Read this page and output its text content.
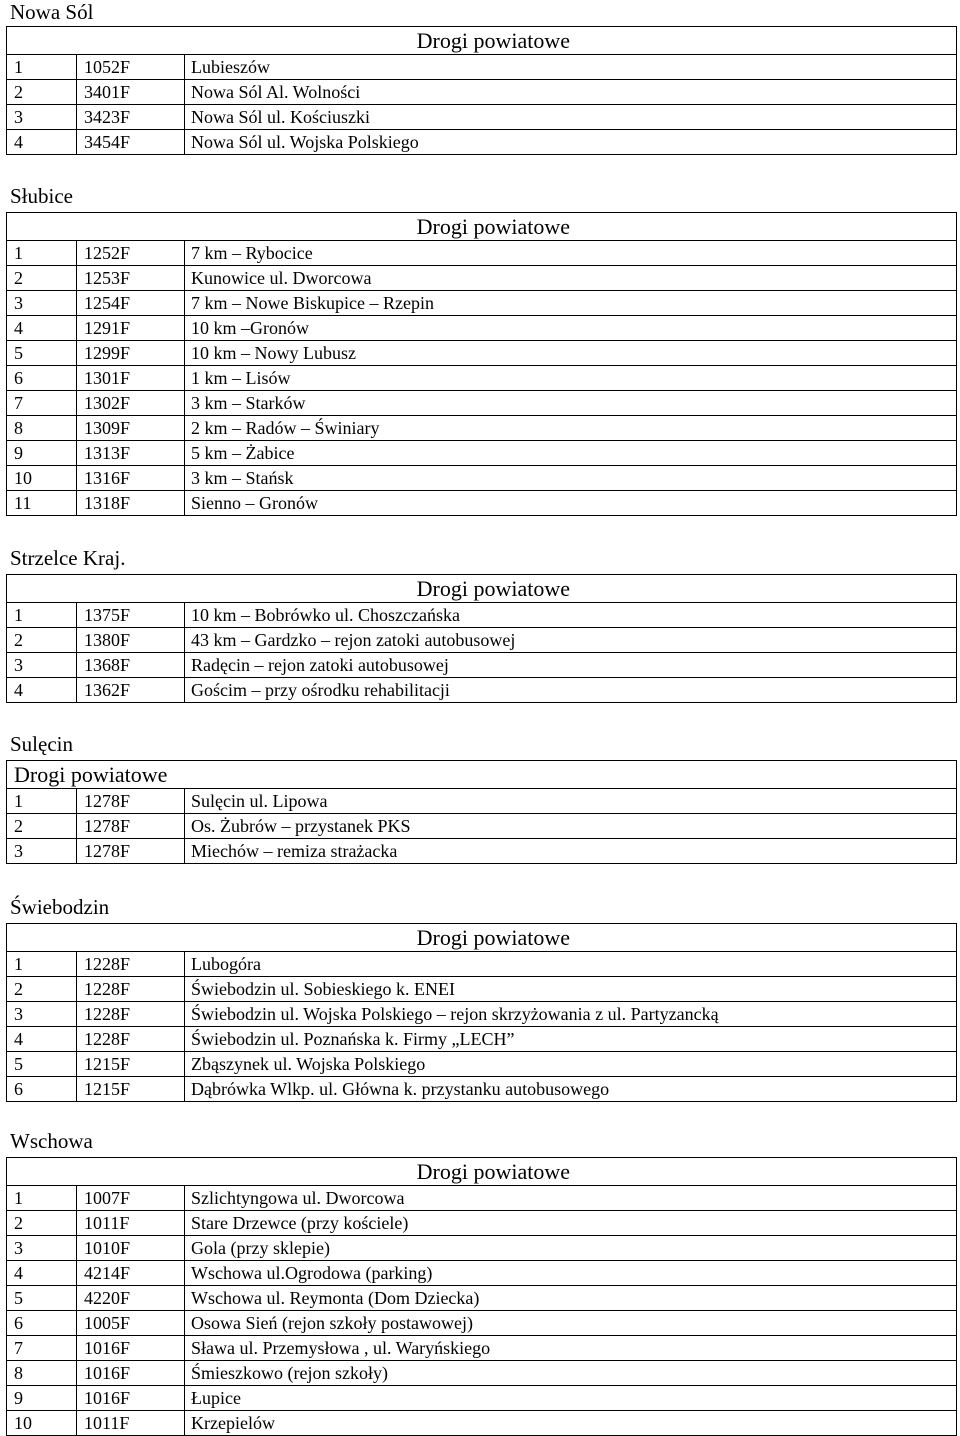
Nowa Sól
Drogi powiatowe		
1	1052F	Lubieszów
2	3401F	Nowa Sól Al. Wolności
3	3423F	Nowa Sól ul. Kościuszki
4	3454F	Nowa Sól ul. Wojska Polskiego
Słubice
Drogi powiatowe		
1	1252F	7 km – Rybocice
2	1253F	Kunowice ul. Dworcowa
3	1254F	7 km – Nowe Biskupice – Rzepin
4	1291F	10 km –Gronów
5	1299F	10 km – Nowy Lubusz
6	1301F	1 km – Lisów
7	1302F	3 km – Starków
8	1309F	2 km – Radów – Świniary
9	1313F	5 km – Żabice
10	1316F	3 km – Stańsk
11	1318F	Sienno – Gronów
Strzelce Kraj.
Drogi powiatowe		
1	1375F	10 km – Bobrówko ul. Choszczańska
2	1380F	43 km – Gardzko – rejon zatoki autobusowej
3	1368F	Radęcin – rejon zatoki autobusowej
4	1362F	Gościm – przy ośrodku rehabilitacji
Sulęcin
Drogi powiatowe		
1	1278F	Sulęcin ul. Lipowa
2	1278F	Os. Żubrów – przystanek PKS
3	1278F	Miechów – remiza strażacka
Świebodzin
Drogi powiatowe		
1	1228F	Lubogóra
2	1228F	Świebodzin ul. Sobieskiego k. ENEI
3	1228F	Świebodzin ul. Wojska Polskiego – rejon skrzyżowania z ul. Partyzancką
4	1228F	Świebodzin ul. Poznańska k. Firmy „LECH”
5	1215F	Zbąszynek ul. Wojska Polskiego
6	1215F	Dąbrówka Wlkp. ul. Główna k. przystanku autobusowego
Wschowa
Drogi powiatowe		
1	1007F	Szlichtyngowa ul. Dworcowa
2	1011F	Stare Drzewce (przy kościele)
3	1010F	Gola (przy sklepie)
4	4214F	Wschowa ul.Ogrodowa (parking)
5	4220F	Wschowa ul. Reymonta (Dom Dziecka)
6	1005F	Osowa Sień (rejon szkoły postawowej)
7	1016F	Sława ul. Przemysłowa , ul. Waryńskiego
8	1016F	Śmieszkowo (rejon szkoły)
9	1016F	Łupice
10	1011F	Krzepielów
